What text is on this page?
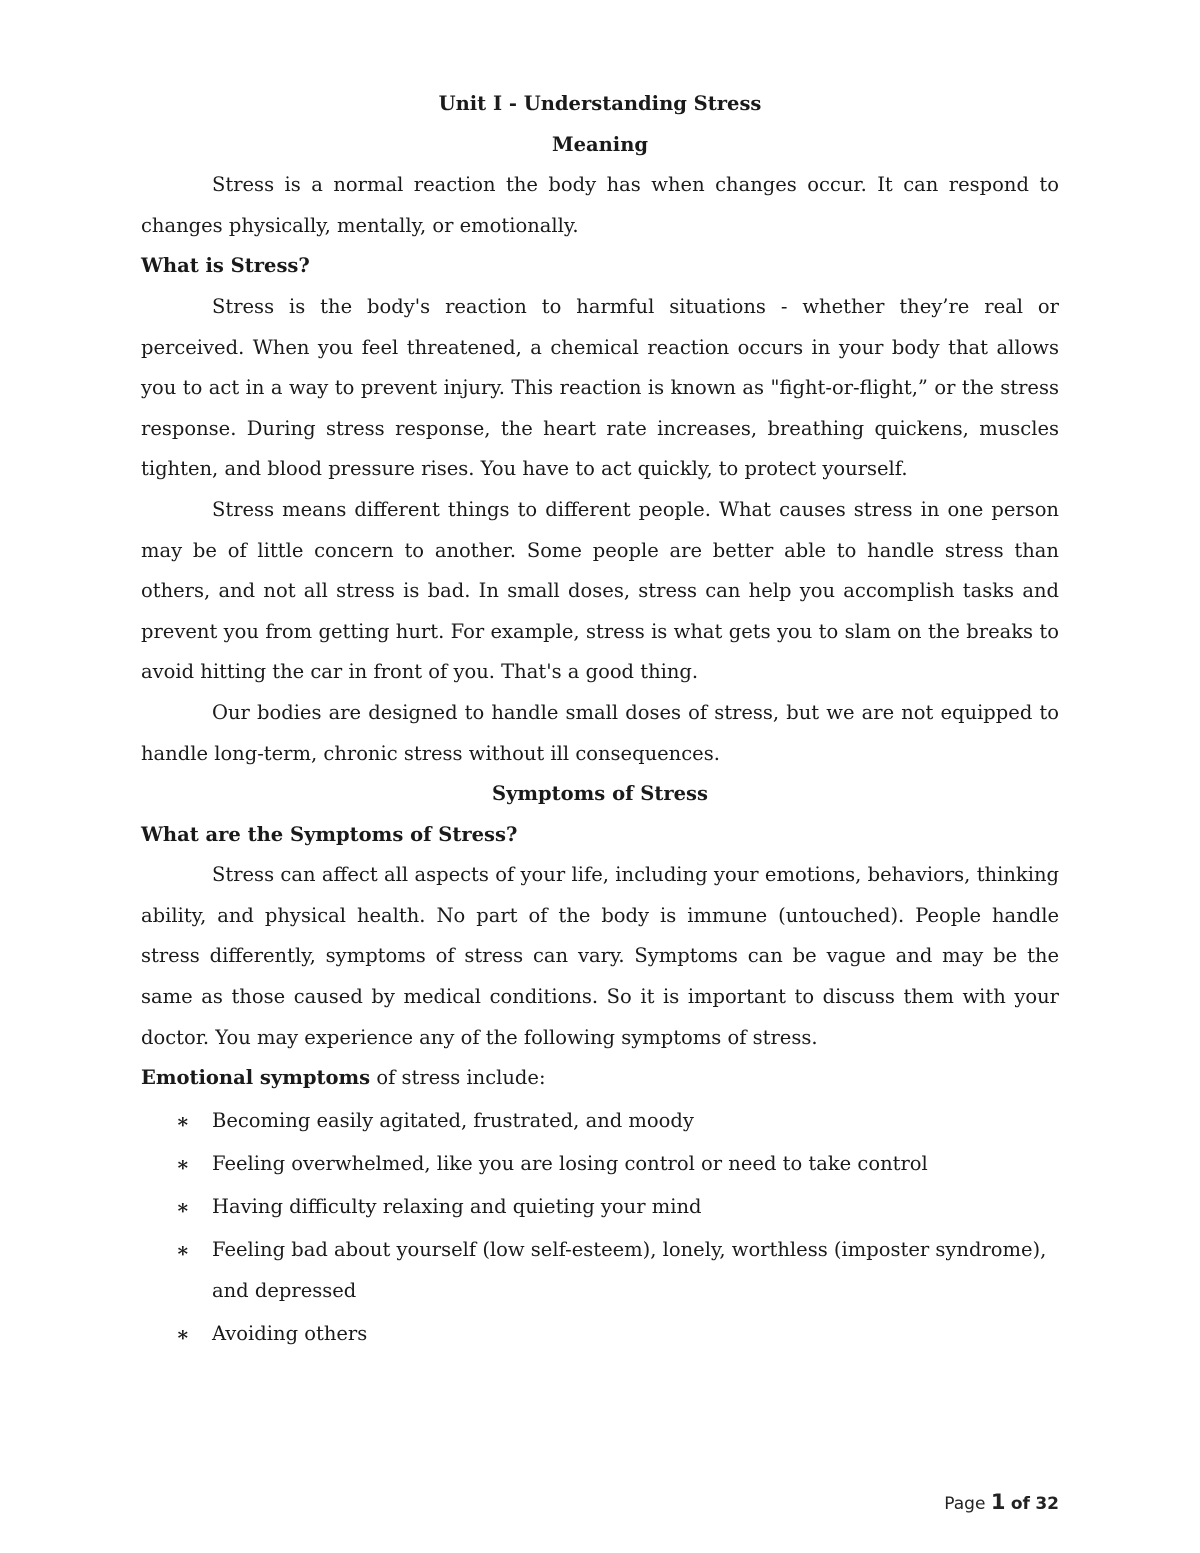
Unit I - Understanding Stress

Meaning

Stress is a normal reaction the body has when changes occur. It can respond to changes physically, mentally, or emotionally.

What is Stress?

Stress is the body's reaction to harmful situations - whether they’re real or perceived. When you feel threatened, a chemical reaction occurs in your body that allows you to act in a way to prevent injury. This reaction is known as "fight-or-flight,” or the stress response. During stress response, the heart rate increases, breathing quickens, muscles tighten, and blood pressure rises. You have to act quickly, to protect yourself.

Stress means different things to different people. What causes stress in one person may be of little concern to another. Some people are better able to handle stress than others, and not all stress is bad. In small doses, stress can help you accomplish tasks and prevent you from getting hurt. For example, stress is what gets you to slam on the breaks to avoid hitting the car in front of you. That's a good thing.

Our bodies are designed to handle small doses of stress, but we are not equipped to handle long-term, chronic stress without ill consequences.

Symptoms of Stress

What are the Symptoms of Stress?

Stress can affect all aspects of your life, including your emotions, behaviors, thinking ability, and physical health. No part of the body is immune (untouched). People handle stress differently, symptoms of stress can vary. Symptoms can be vague and may be the same as those caused by medical conditions. So it is important to discuss them with your doctor. You may experience any of the following symptoms of stress.

Emotional symptoms of stress include:

∗ Becoming easily agitated, frustrated, and moody
∗ Feeling overwhelmed, like you are losing control or need to take control
∗ Having difficulty relaxing and quieting your mind
∗ Feeling bad about yourself (low self-esteem), lonely, worthless (imposter syndrome), and depressed
∗ Avoiding others
Page 1 of 32
